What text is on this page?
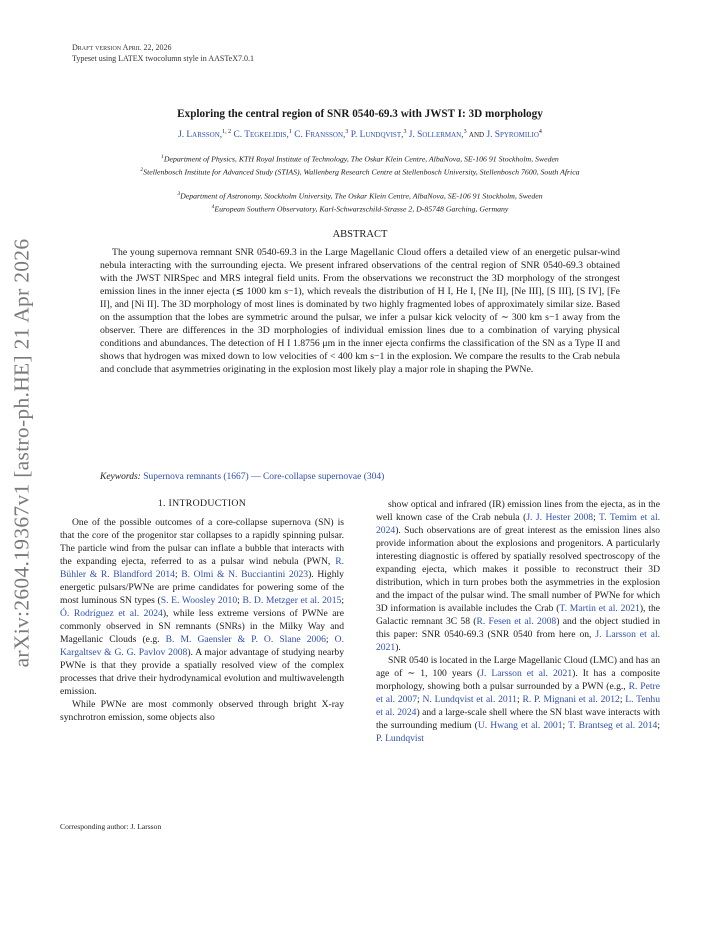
arXiv:2604.19367v1 [astro-ph.HE] 21 Apr 2026
Draft version April 22, 2026
Typeset using LATEX twocolumn style in AASTeX7.0.1
Exploring the central region of SNR 0540-69.3 with JWST I: 3D morphology
J. Larsson,$^{1, 2}$ C. Tegkelidis,$^1$ C. Fransson,$^3$ P. Lundqvist,$^3$ J. Sollerman,$^3$ and J. Spyromilio$^4$
$^1$Department of Physics, KTH Royal Institute of Technology, The Oskar Klein Centre, AlbaNova, SE-106 91 Stockholm, Sweden
$^2$Stellenbosch Institute for Advanced Study (STIAS), Wallenberg Research Centre at Stellenbosch University, Stellenbosch 7600, South Africa
$^3$Department of Astronomy, Stockholm University, The Oskar Klein Centre, AlbaNova, SE-106 91 Stockholm, Sweden
$^4$European Southern Observatory, Karl-Schwarzschild-Strasse 2, D-85748 Garching, Germany
ABSTRACT
The young supernova remnant SNR 0540-69.3 in the Large Magellanic Cloud offers a detailed view of an energetic pulsar-wind nebula interacting with the surrounding ejecta. We present infrared observations of the central region of SNR 0540-69.3 obtained with the JWST NIRSpec and MRS integral field units. From the observations we reconstruct the 3D morphology of the strongest emission lines in the inner ejecta (≲ 1000 km s−1), which reveals the distribution of H I, He I, [Ne II], [Ne III], [S III], [S IV], [Fe II], and [Ni II]. The 3D morphology of most lines is dominated by two highly fragmented lobes of approximately similar size. Based on the assumption that the lobes are symmetric around the pulsar, we infer a pulsar kick velocity of ∼ 300 km s−1 away from the observer. There are differences in the 3D morphologies of individual emission lines due to a combination of varying physical conditions and abundances. The detection of H I 1.8756 μm in the inner ejecta confirms the classification of the SN as a Type II and shows that hydrogen was mixed down to low velocities of < 400 km s−1 in the explosion. We compare the results to the Crab nebula and conclude that asymmetries originating in the explosion most likely play a major role in shaping the PWNe.
Keywords: Supernova remnants (1667) — Core-collapse supernovae (304)
1. INTRODUCTION

One of the possible outcomes of a core-collapse supernova (SN) is that the core of the progenitor star collapses to a rapidly spinning pulsar. The particle wind from the pulsar can inflate a bubble that interacts with the expanding ejecta, referred to as a pulsar wind nebula (PWN, R. Bühler & R. Blandford 2014; B. Olmi & N. Bucciantini 2023). Highly energetic pulsars/PWNe are prime candidates for powering some of the most luminous SN types (S. E. Woosley 2010; B. D. Metzger et al. 2015; Ó. Rodríguez et al. 2024), while less extreme versions of PWNe are commonly observed in SN remnants (SNRs) in the Milky Way and Magellanic Clouds (e.g. B. M. Gaensler & P. O. Slane 2006; O. Kargaltsev & G. G. Pavlov 2008). A major advantage of studying nearby PWNe is that they provide a spatially resolved view of the complex processes that drive their hydrodynamical evolution and multiwavelength emission.

While PWNe are most commonly observed through bright X-ray synchrotron emission, some objects also

show optical and infrared (IR) emission lines from the ejecta, as in the well known case of the Crab nebula (J. J. Hester 2008; T. Temim et al. 2024). Such observations are of great interest as the emission lines also provide information about the explosions and progenitors. A particularly interesting diagnostic is offered by spatially resolved spectroscopy of the expanding ejecta, which makes it possible to reconstruct their 3D distribution, which in turn probes both the asymmetries in the explosion and the impact of the pulsar wind. The small number of PWNe for which 3D information is available includes the Crab (T. Martin et al. 2021), the Galactic remnant 3C 58 (R. Fesen et al. 2008) and the object studied in this paper: SNR 0540-69.3 (SNR 0540 from here on, J. Larsson et al. 2021).

SNR 0540 is located in the Large Magellanic Cloud (LMC) and has an age of ∼ 1, 100 years (J. Larsson et al. 2021). It has a composite morphology, showing both a pulsar surrounded by a PWN (e.g., R. Petre et al. 2007; N. Lundqvist et al. 2011; R. P. Mignani et al. 2012; L. Tenhu et al. 2024) and a large-scale shell where the SN blast wave interacts with the surrounding medium (U. Hwang et al. 2001; T. Brantseg et al. 2014; P. Lundqvist

Corresponding author: J. Larsson
